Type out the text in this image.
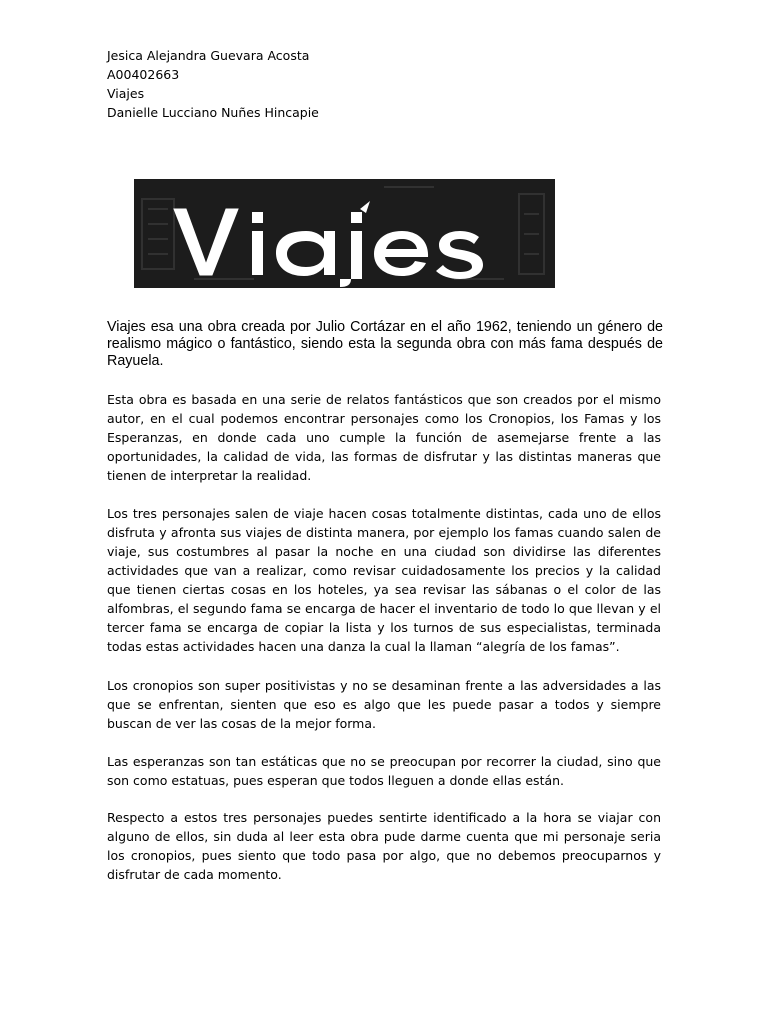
Jesica Alejandra Guevara Acosta
A00402663
Viajes
Danielle Lucciano Nuñes Hincapie

Viajes esa una obra creada por Julio Cortázar en el año 1962, teniendo un género de realismo mágico o fantástico, siendo esta la segunda obra con más fama después de Rayuela.

Esta obra es basada en una serie de relatos fantásticos que son creados por el mismo autor, en el cual podemos encontrar personajes como los Cronopios, los Famas y los Esperanzas, en donde cada uno cumple la función de asemejarse frente a las oportunidades, la calidad de vida, las formas de disfrutar y las distintas maneras que tienen de interpretar la realidad.

Los tres personajes salen de viaje hacen cosas totalmente distintas, cada uno de ellos disfruta y afronta sus viajes de distinta manera, por ejemplo los famas cuando salen de viaje, sus costumbres al pasar la noche en una ciudad son dividirse las diferentes actividades que van a realizar, como revisar cuidadosamente los precios y la calidad que tienen ciertas cosas en los hoteles, ya sea revisar las sábanas o el color de las alfombras, el segundo fama se encarga de hacer el inventario de todo lo que llevan y el tercer fama se encarga de copiar la lista y los turnos de sus especialistas, terminada todas estas actividades hacen una danza la cual la llaman “alegría de los famas”.

Los cronopios son super positivistas y no se desaminan frente a las adversidades a las que se enfrentan, sienten que eso es algo que les puede pasar a todos y siempre buscan de ver las cosas de la mejor forma.

Las esperanzas son tan estáticas que no se preocupan por recorrer la ciudad, sino que son como estatuas, pues esperan que todos lleguen a donde ellas están.

Respecto a estos tres personajes puedes sentirte identificado a la hora se viajar con alguno de ellos, sin duda al leer esta obra pude darme cuenta que mi personaje seria los cronopios, pues siento que todo pasa por algo, que no debemos preocuparnos y disfrutar de cada momento.
